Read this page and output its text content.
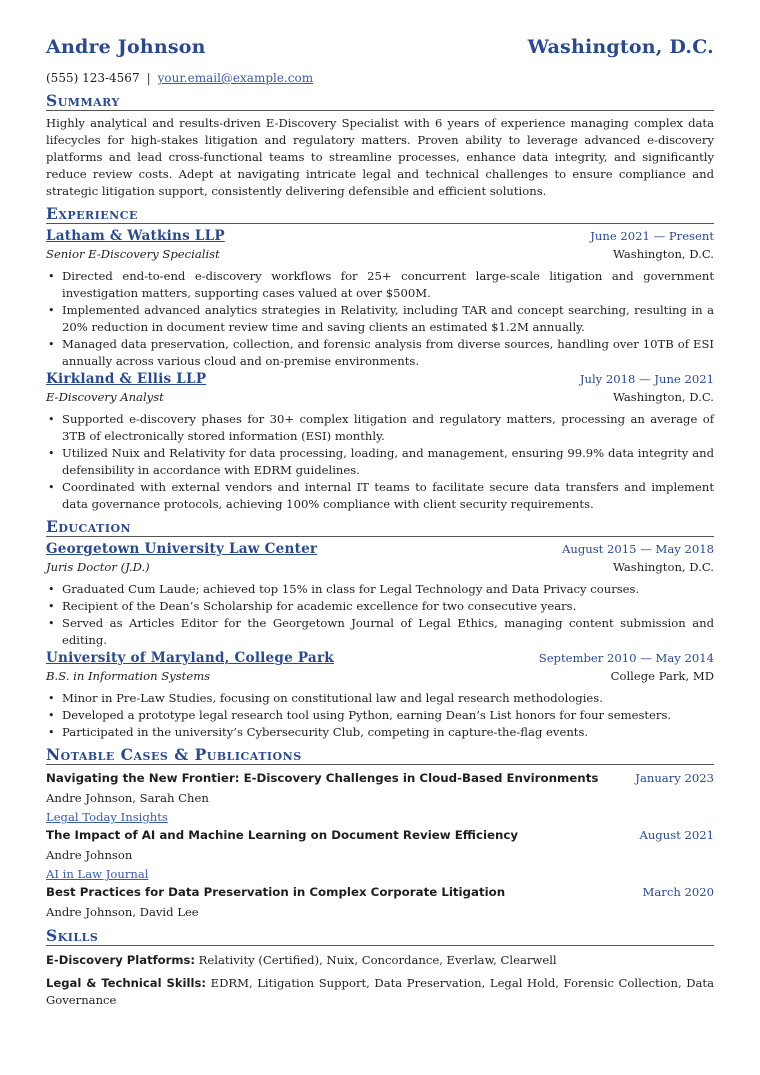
Andre Johnson	Washington, D.C.
(555) 123-4567 | your.email@example.com
Summary
Highly analytical and results-driven E-Discovery Specialist with 6 years of experience managing complex data lifecycles for high-stakes litigation and regulatory matters. Proven ability to leverage advanced e-discovery platforms and lead cross-functional teams to streamline processes, enhance data integrity, and significantly reduce review costs. Adept at navigating intricate legal and technical challenges to ensure compliance and strategic litigation support, consistently delivering defensible and efficient solutions.
Experience
Latham & Watkins LLP	June 2021 — Present
Senior E-Discovery Specialist	Washington, D.C.
• Directed end-to-end e-discovery workflows for 25+ concurrent large-scale litigation and government investigation matters, supporting cases valued at over $500M.
• Implemented advanced analytics strategies in Relativity, including TAR and concept searching, resulting in a 20% reduction in document review time and saving clients an estimated $1.2M annually.
• Managed data preservation, collection, and forensic analysis from diverse sources, handling over 10TB of ESI annually across various cloud and on-premise environments.
Kirkland & Ellis LLP	July 2018 — June 2021
E-Discovery Analyst	Washington, D.C.
• Supported e-discovery phases for 30+ complex litigation and regulatory matters, processing an average of 3TB of electronically stored information (ESI) monthly.
• Utilized Nuix and Relativity for data processing, loading, and management, ensuring 99.9% data integrity and defensibility in accordance with EDRM guidelines.
• Coordinated with external vendors and internal IT teams to facilitate secure data transfers and implement data governance protocols, achieving 100% compliance with client security requirements.
Education
Georgetown University Law Center	August 2015 — May 2018
Juris Doctor (J.D.)	Washington, D.C.
• Graduated Cum Laude; achieved top 15% in class for Legal Technology and Data Privacy courses.
• Recipient of the Dean’s Scholarship for academic excellence for two consecutive years.
• Served as Articles Editor for the Georgetown Journal of Legal Ethics, managing content submission and editing.
University of Maryland, College Park	September 2010 — May 2014
B.S. in Information Systems	College Park, MD
• Minor in Pre-Law Studies, focusing on constitutional law and legal research methodologies.
• Developed a prototype legal research tool using Python, earning Dean’s List honors for four semesters.
• Participated in the university’s Cybersecurity Club, competing in capture-the-flag events.
Notable Cases & Publications
Navigating the New Frontier: E-Discovery Challenges in Cloud-Based Environments	January 2023
Andre Johnson, Sarah Chen
Legal Today Insights
The Impact of AI and Machine Learning on Document Review Efficiency	August 2021
Andre Johnson
AI in Law Journal
Best Practices for Data Preservation in Complex Corporate Litigation	March 2020
Andre Johnson, David Lee
Skills
E-Discovery Platforms: Relativity (Certified), Nuix, Concordance, Everlaw, Clearwell
Legal & Technical Skills: EDRM, Litigation Support, Data Preservation, Legal Hold, Forensic Collection, Data Governance
